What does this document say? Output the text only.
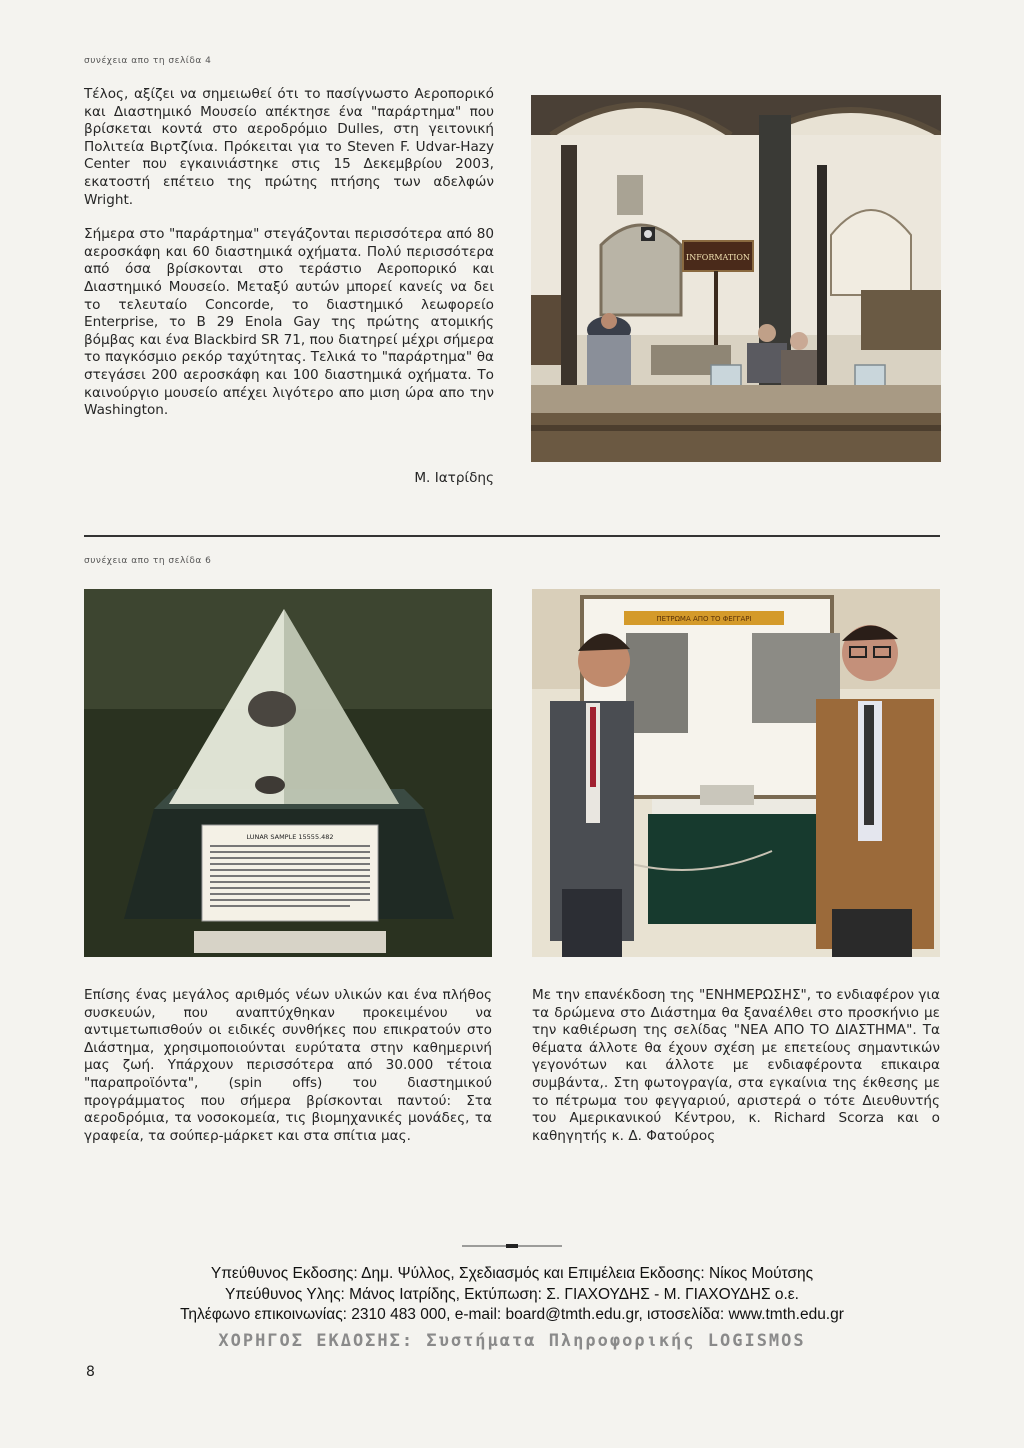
συνέχεια απο τη σελίδα 4

Τέλος, αξίζει να σημειωθεί ότι το πασίγνωστο Αεροπορικό και Διαστημικό Μουσείο απέκτησε ένα "παράρτημα" που βρίσκεται κοντά στο αεροδρόμιο Dulles, στη γειτονική Πολιτεία Βιρτζίνια. Πρόκειται για το Steven F. Udvar-Hazy Center που εγκαινιάστηκε στις 15 Δεκεμβρίου 2003, εκατοστή επέτειο της πρώτης πτήσης των αδελφών Wright.

Σήμερα στο "παράρτημα" στεγάζονται περισσότερα από 80 αεροσκάφη και 60 διαστημικά οχήματα. Πολύ περισσότερα από όσα βρίσκονται στο τεράστιο Αεροπορικό και Διαστημικό Μουσείο. Μεταξύ αυτών μπορεί κανείς να δει το τελευταίο Concorde, το διαστημικό λεωφορείο Enterprise, το B 29 Enola Gay της πρώτης ατομικής βόμβας και ένα Blackbird SR 71, που διατηρεί μέχρι σήμερα το παγκόσμιο ρεκόρ ταχύτητας. Τελικά το "παράρτημα" θα στεγάσει 200 αεροσκάφη και 100 διαστημικά οχήματα. Το καινούργιο μουσείο απέχει λιγότερο απο μιση ώρα απο την Washington.

Μ. Ιατρίδης
INFORMATION
συνέχεια απο τη σελίδα 6
LUNAR SAMPLE 15555.482
ΠΕΤΡΩΜΑ ΑΠΟ ΤΟ ΦΕΓΓΑΡΙ
Επίσης ένας μεγάλος αριθμός νέων υλικών και ένα πλήθος συσκευών, που αναπτύχθηκαν προκειμένου να αντιμετωπισθούν οι ειδικές συνθήκες που επικρατούν στο Διάστημα, χρησιμοποιούνται ευρύτατα στην καθημερινή μας ζωή. Υπάρχουν περισσότερα από 30.000 τέτοια "παραπροϊόντα", (spin offs) του διαστημικού προγράμματος που σήμερα βρίσκονται παντού: Στα αεροδρόμια, τα νοσοκομεία, τις βιομηχανικές μονάδες, τα γραφεία, τα σούπερ-μάρκετ και στα σπίτια μας.
Με την επανέκδοση της "ΕΝΗΜΕΡΩΣΗΣ", το ενδιαφέρον για τα δρώμενα στο Διάστημα θα ξαναέλθει στο προσκήνιο με την καθιέρωση της σελίδας "ΝΕΑ ΑΠΟ ΤΟ ΔΙΑΣΤΗΜΑ". Τα θέματα άλλοτε θα έχουν σχέση με επετείους σημαντικών γεγονότων και άλλοτε με ενδιαφέροντα επικαιρα συμβάντα,. Στη φωτογραγία, στα εγκαίνια της έκθεσης με το πέτρωμα του φεγγαριού, αριστερά ο τότε Διευθυντής του Αμερικανικού Κέντρου, κ. Richard Scorza και ο καθηγητής κ. Δ. Φατούρος
Υπεύθυνος Εκδοσης: Δημ. Ψύλλος, Σχεδιασμός και Επιμέλεια Εκδοσης: Νίκος Μούτσης
Υπεύθυνος Υλης: Μάνος Ιατρίδης, Εκτύπωση: Σ. ΓΙΑΧΟΥΔΗΣ - Μ. ΓΙΑΧΟΥΔΗΣ ο.ε.
Τηλέφωνο επικοινωνίας: 2310 483 000, e-mail: board@tmth.edu.gr, ιστοσελίδα: www.tmth.edu.gr
ΧΟΡΗΓΟΣ ΕΚΔΟΣΗΣ: Συστήματα Πληροφορικής LOGISMOS
8
